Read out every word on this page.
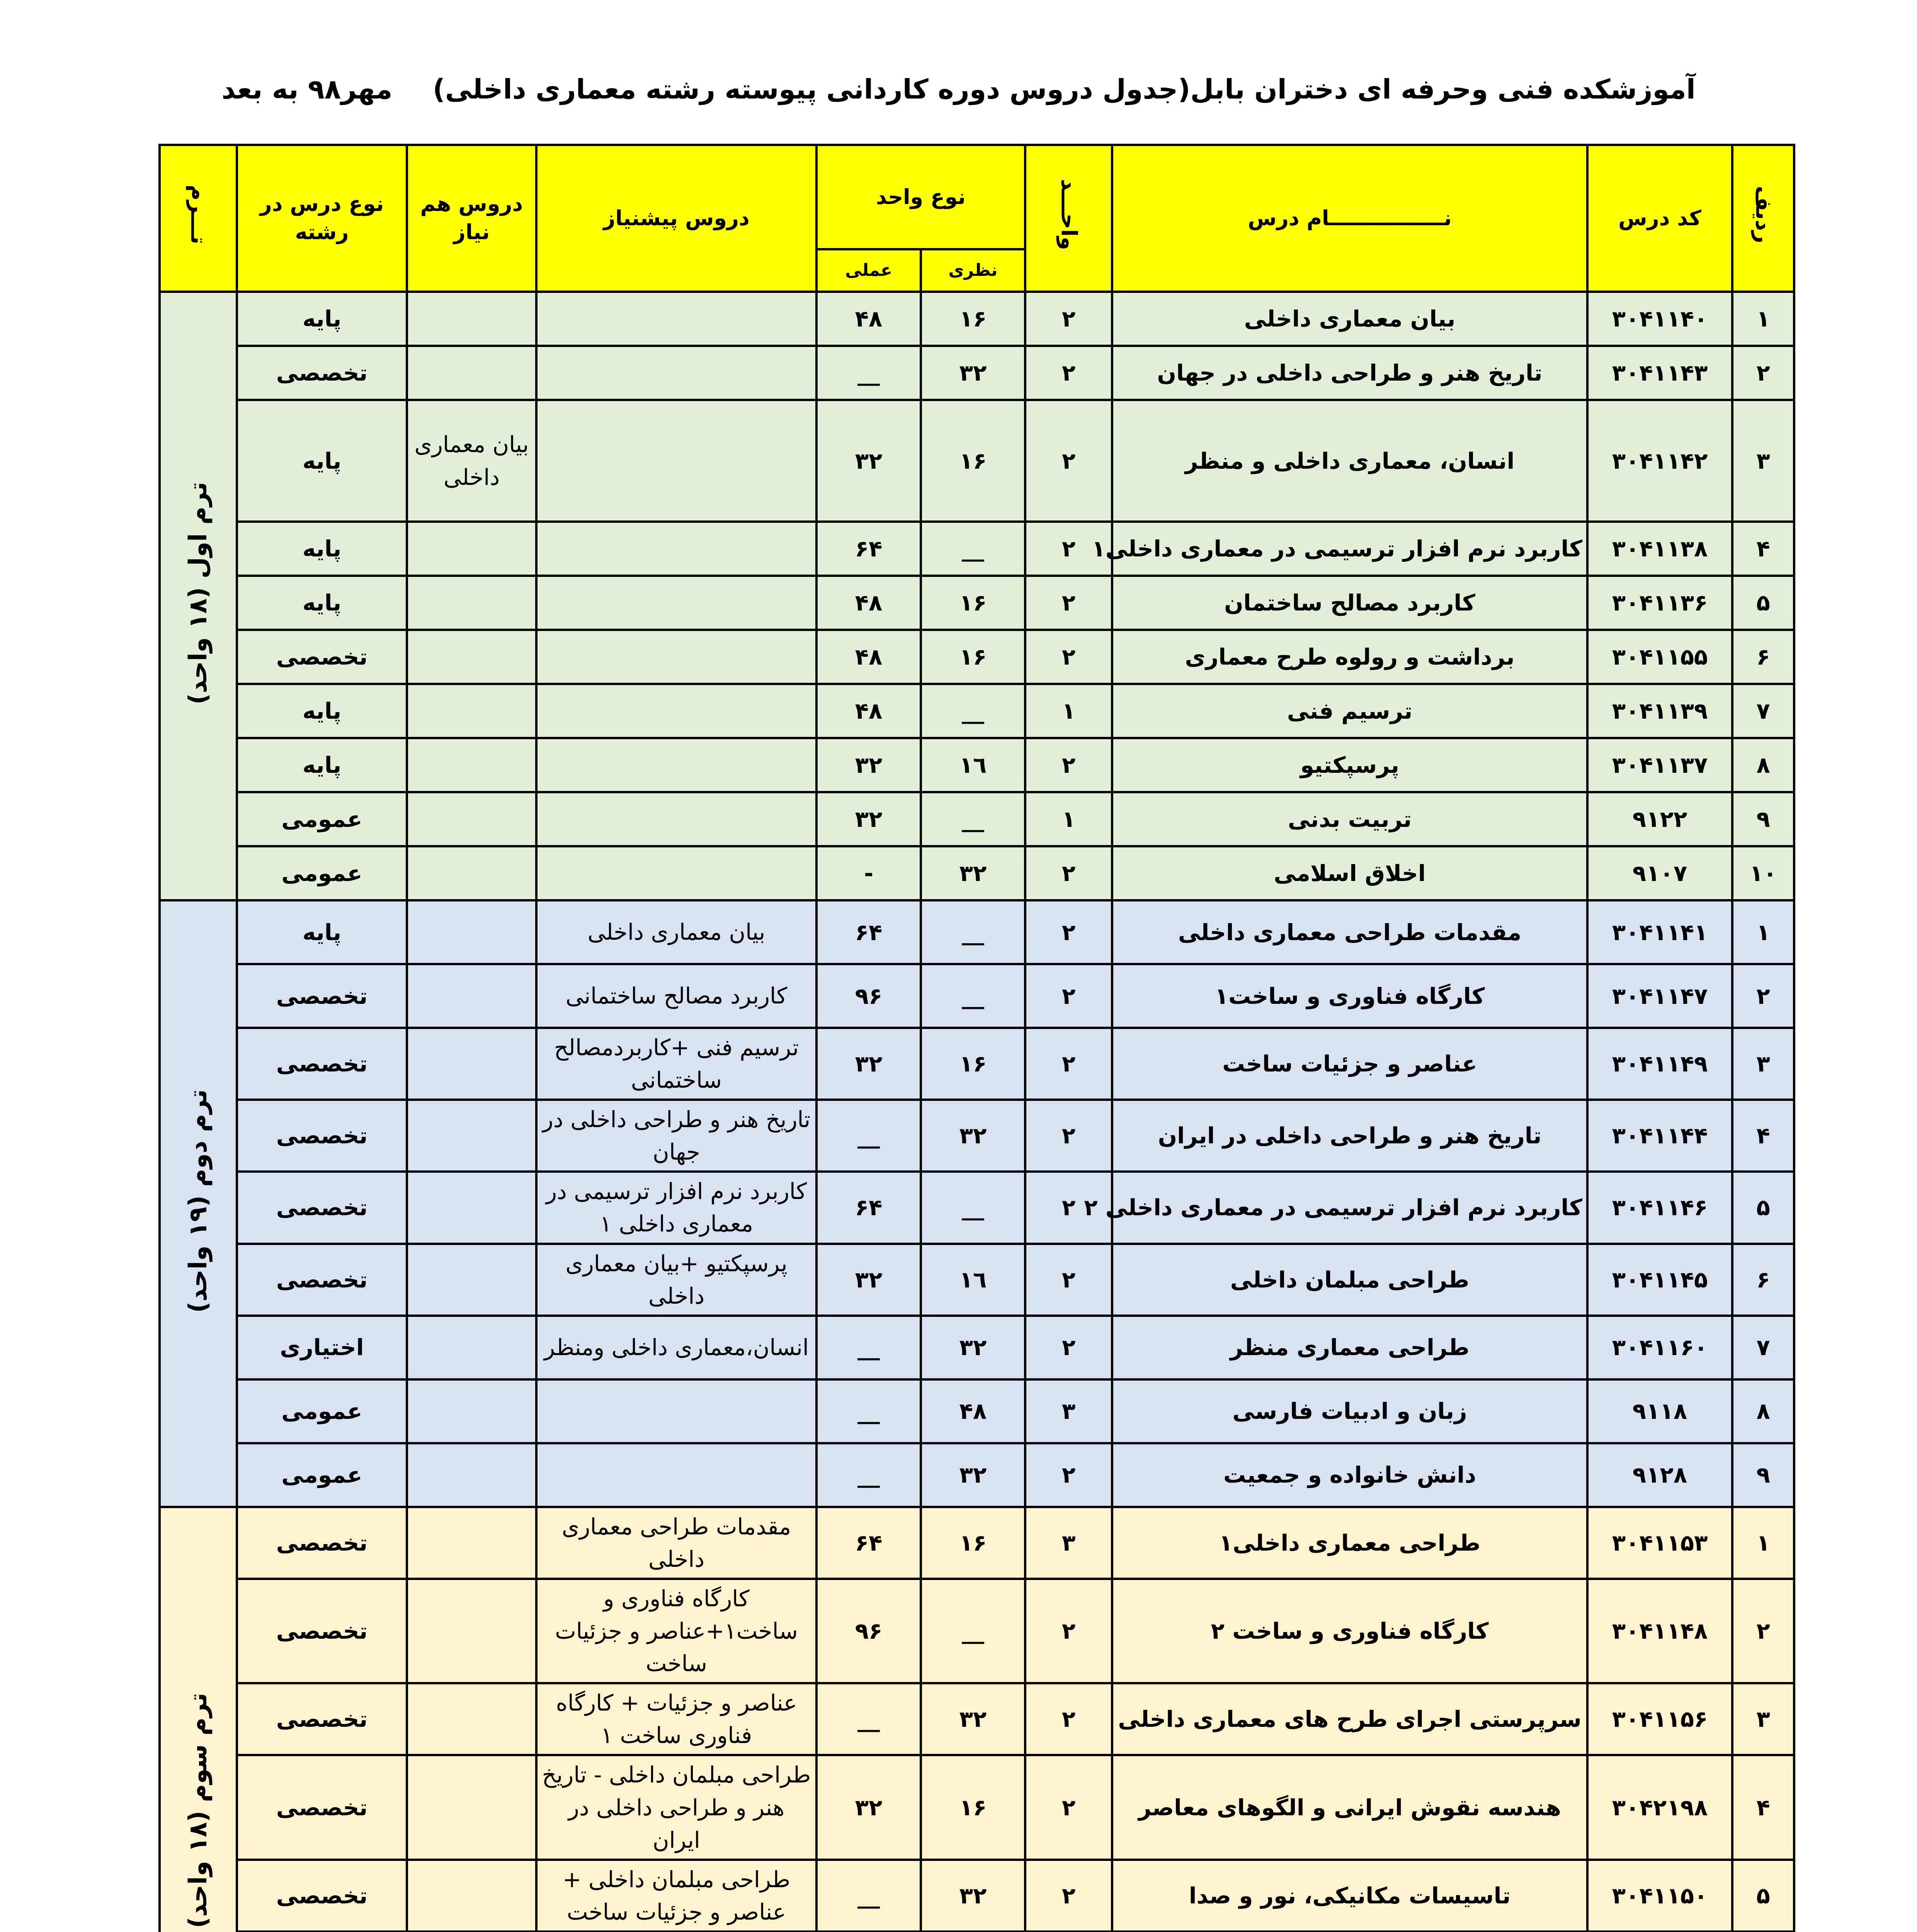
آموزشکده فنی وحرفه ای دختران بابل(جدول دروس دوره کاردانی پیوسته رشته معماری داخلی) مهر۹۸ به بعد
ردیف	کد درس	نــــــــــــــــام درس	واحـــد	نوع واحد		دروس پیشنیاز	دروس هم نیاز	نوع درس در رشته	تـــرم
				نظری	عملی				
۱	۳۰۴۱۱۴۰	بیان معماری داخلی	۲	۱۶	۴۸			پایه	ترم اول (۱۸ واحد)
۲	۳۰۴۱۱۴۳	تاریخ هنر و طراحی داخلی در جهان	۲	۳۲	__			تخصصی	
۳	۳۰۴۱۱۴۲	انسان، معماری داخلی و منظر	۲	۱۶	۳۲		بیان معماری داخلی	پایه	
۴	۳۰۴۱۱۳۸	کاربرد نرم افزار ترسیمی در معماری داخلی۱	۲	__	۶۴			پایه	
۵	۳۰۴۱۱۳۶	کاربرد مصالح ساختمان	۲	۱۶	۴۸			پایه	
۶	۳۰۴۱۱۵۵	برداشت و رولوه طرح معماری	۲	۱۶	۴۸			تخصصی	
۷	۳۰۴۱۱۳۹	ترسیم فنی	۱	__	۴۸			پایه	
۸	۳۰۴۱۱۳۷	پرسپکتیو	۲	١٦	۳۲			پایه	
۹	۹۱۲۲	تربیت بدنی	۱	__	۳۲			عمومی	
۱۰	۹۱۰۷	اخلاق اسلامی	۲	۳۲	-			عمومی	
۱	۳۰۴۱۱۴۱	مقدمات طراحی معماری داخلی	۲	__	۶۴	بیان معماری داخلی		پایه	ترم دوم (۱۹ واحد)
۲	۳۰۴۱۱۴۷	کارگاه فناوری و ساخت۱	۲	__	۹۶	کاربرد مصالح ساختمانی		تخصصی	
۳	۳۰۴۱۱۴۹	عناصر و جزئیات ساخت	۲	۱۶	۳۲	ترسیم فنی +کاربردمصالح ساختمانی		تخصصی	
۴	۳۰۴۱۱۴۴	تاریخ هنر و طراحی داخلی در ایران	۲	۳۲	__	تاریخ هنر و طراحی داخلی در جهان		تخصصی	
۵	۳۰۴۱۱۴۶	کاربرد نرم افزار ترسیمی در معماری داخلی ۲	۲	__	۶۴	کاربرد نرم افزار ترسیمی در معماری داخلی ۱		تخصصی	
۶	۳۰۴۱۱۴۵	طراحی مبلمان داخلی	۲	١٦	۳۲	پرسپکتیو +بیان معماری داخلی		تخصصی	
۷	۳۰۴۱۱۶۰	طراحی معماری منظر	۲	۳۲	__	انسان،معماری داخلی ومنظر		اختیاری	
۸	۹۱۱۸	زبان و ادبیات فارسی	۳	۴۸	__			عمومی	
۹	۹۱۲۸	دانش خانواده و جمعیت	۲	۳۲	__			عمومی	
۱	۳۰۴۱۱۵۳	طراحی معماری داخلی۱	۳	۱۶	۶۴	مقدمات طراحی معماری داخلی		تخصصی	ترم سوم (۱۸ واحد)
۲	۳۰۴۱۱۴۸	کارگاه فناوری و ساخت ۲	۲	__	۹۶	کارگاه فناوری و ساخت۱+عناصر و جزئیات ساخت		تخصصی	
۳	۳۰۴۱۱۵۶	سرپرستی اجرای طرح های معماری داخلی	۲	۳۲	__	عناصر و جزئیات + کارگاه فناوری ساخت ۱		تخصصی	
۴	۳۰۴۲۱۹۸	هندسه نقوش ایرانی و الگوهای معاصر	۲	۱۶	۳۲	طراحی مبلمان داخلی - تاریخ هنر و طراحی داخلی در ایران		تخصصی	
۵	۳۰۴۱۱۵۰	تاسیسات مکانیکی، نور و صدا	۲	۳۲	__	طراحی مبلمان داخلی + عناصر و جزئیات ساخت		تخصصی	
